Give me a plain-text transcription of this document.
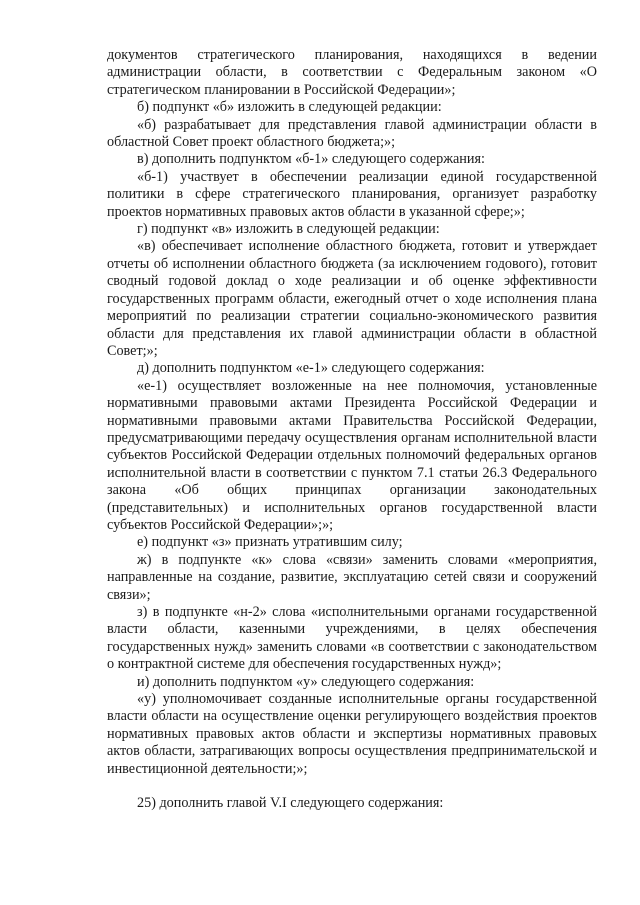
документов стратегического планирования, находящихся в ведении администрации области, в соответствии с Федеральным законом «О стратегическом планировании в Российской Федерации»;

б) подпункт «б» изложить в следующей редакции:

«б) разрабатывает для представления главой администрации области в областной Совет проект областного бюджета;»;

в) дополнить подпунктом «б-1» следующего содержания:

«б-1) участвует в обеспечении реализации единой государственной политики в сфере стратегического планирования, организует разработку проектов нормативных правовых актов области в указанной сфере;»;

г) подпункт «в» изложить в следующей редакции:

«в) обеспечивает исполнение областного бюджета, готовит и утверждает отчеты об исполнении областного бюджета (за исключением годового), готовит сводный годовой доклад о ходе реализации и об оценке эффективности государственных программ области, ежегодный отчет о ходе исполнения плана мероприятий по реализации стратегии социально-экономического развития области для представления их главой администрации области в областной Совет;»;

д) дополнить подпунктом «е-1» следующего содержания:

«е-1) осуществляет возложенные на нее полномочия, установленные нормативными правовыми актами Президента Российской Федерации и нормативными правовыми актами Правительства Российской Федерации, предусматривающими передачу осуществления органам исполнительной власти субъектов Российской Федерации отдельных полномочий федеральных органов исполнительной власти в соответствии с пунктом 7.1 статьи 26.3 Федерального закона «Об общих принципах организации законодательных (представительных) и исполнительных органов государственной власти субъектов Российской Федерации»;»;

е) подпункт «з» признать утратившим силу;

ж) в подпункте «к» слова «связи» заменить словами «мероприятия, направленные на создание, развитие, эксплуатацию сетей связи и сооружений связи»;

з) в подпункте «н-2» слова «исполнительными органами государственной власти области, казенными учреждениями, в целях обеспечения государственных нужд» заменить словами «в соответствии с законодательством о контрактной системе для обеспечения государственных нужд»;

и) дополнить подпунктом «у» следующего содержания:

«у) уполномочивает созданные исполнительные органы государственной власти области на осуществление оценки регулирующего воздействия проектов нормативных правовых актов области и экспертизы нормативных правовых актов области, затрагивающих вопросы осуществления предпринимательской и инвестиционной деятельности;»;

25) дополнить главой V.I следующего содержания:
